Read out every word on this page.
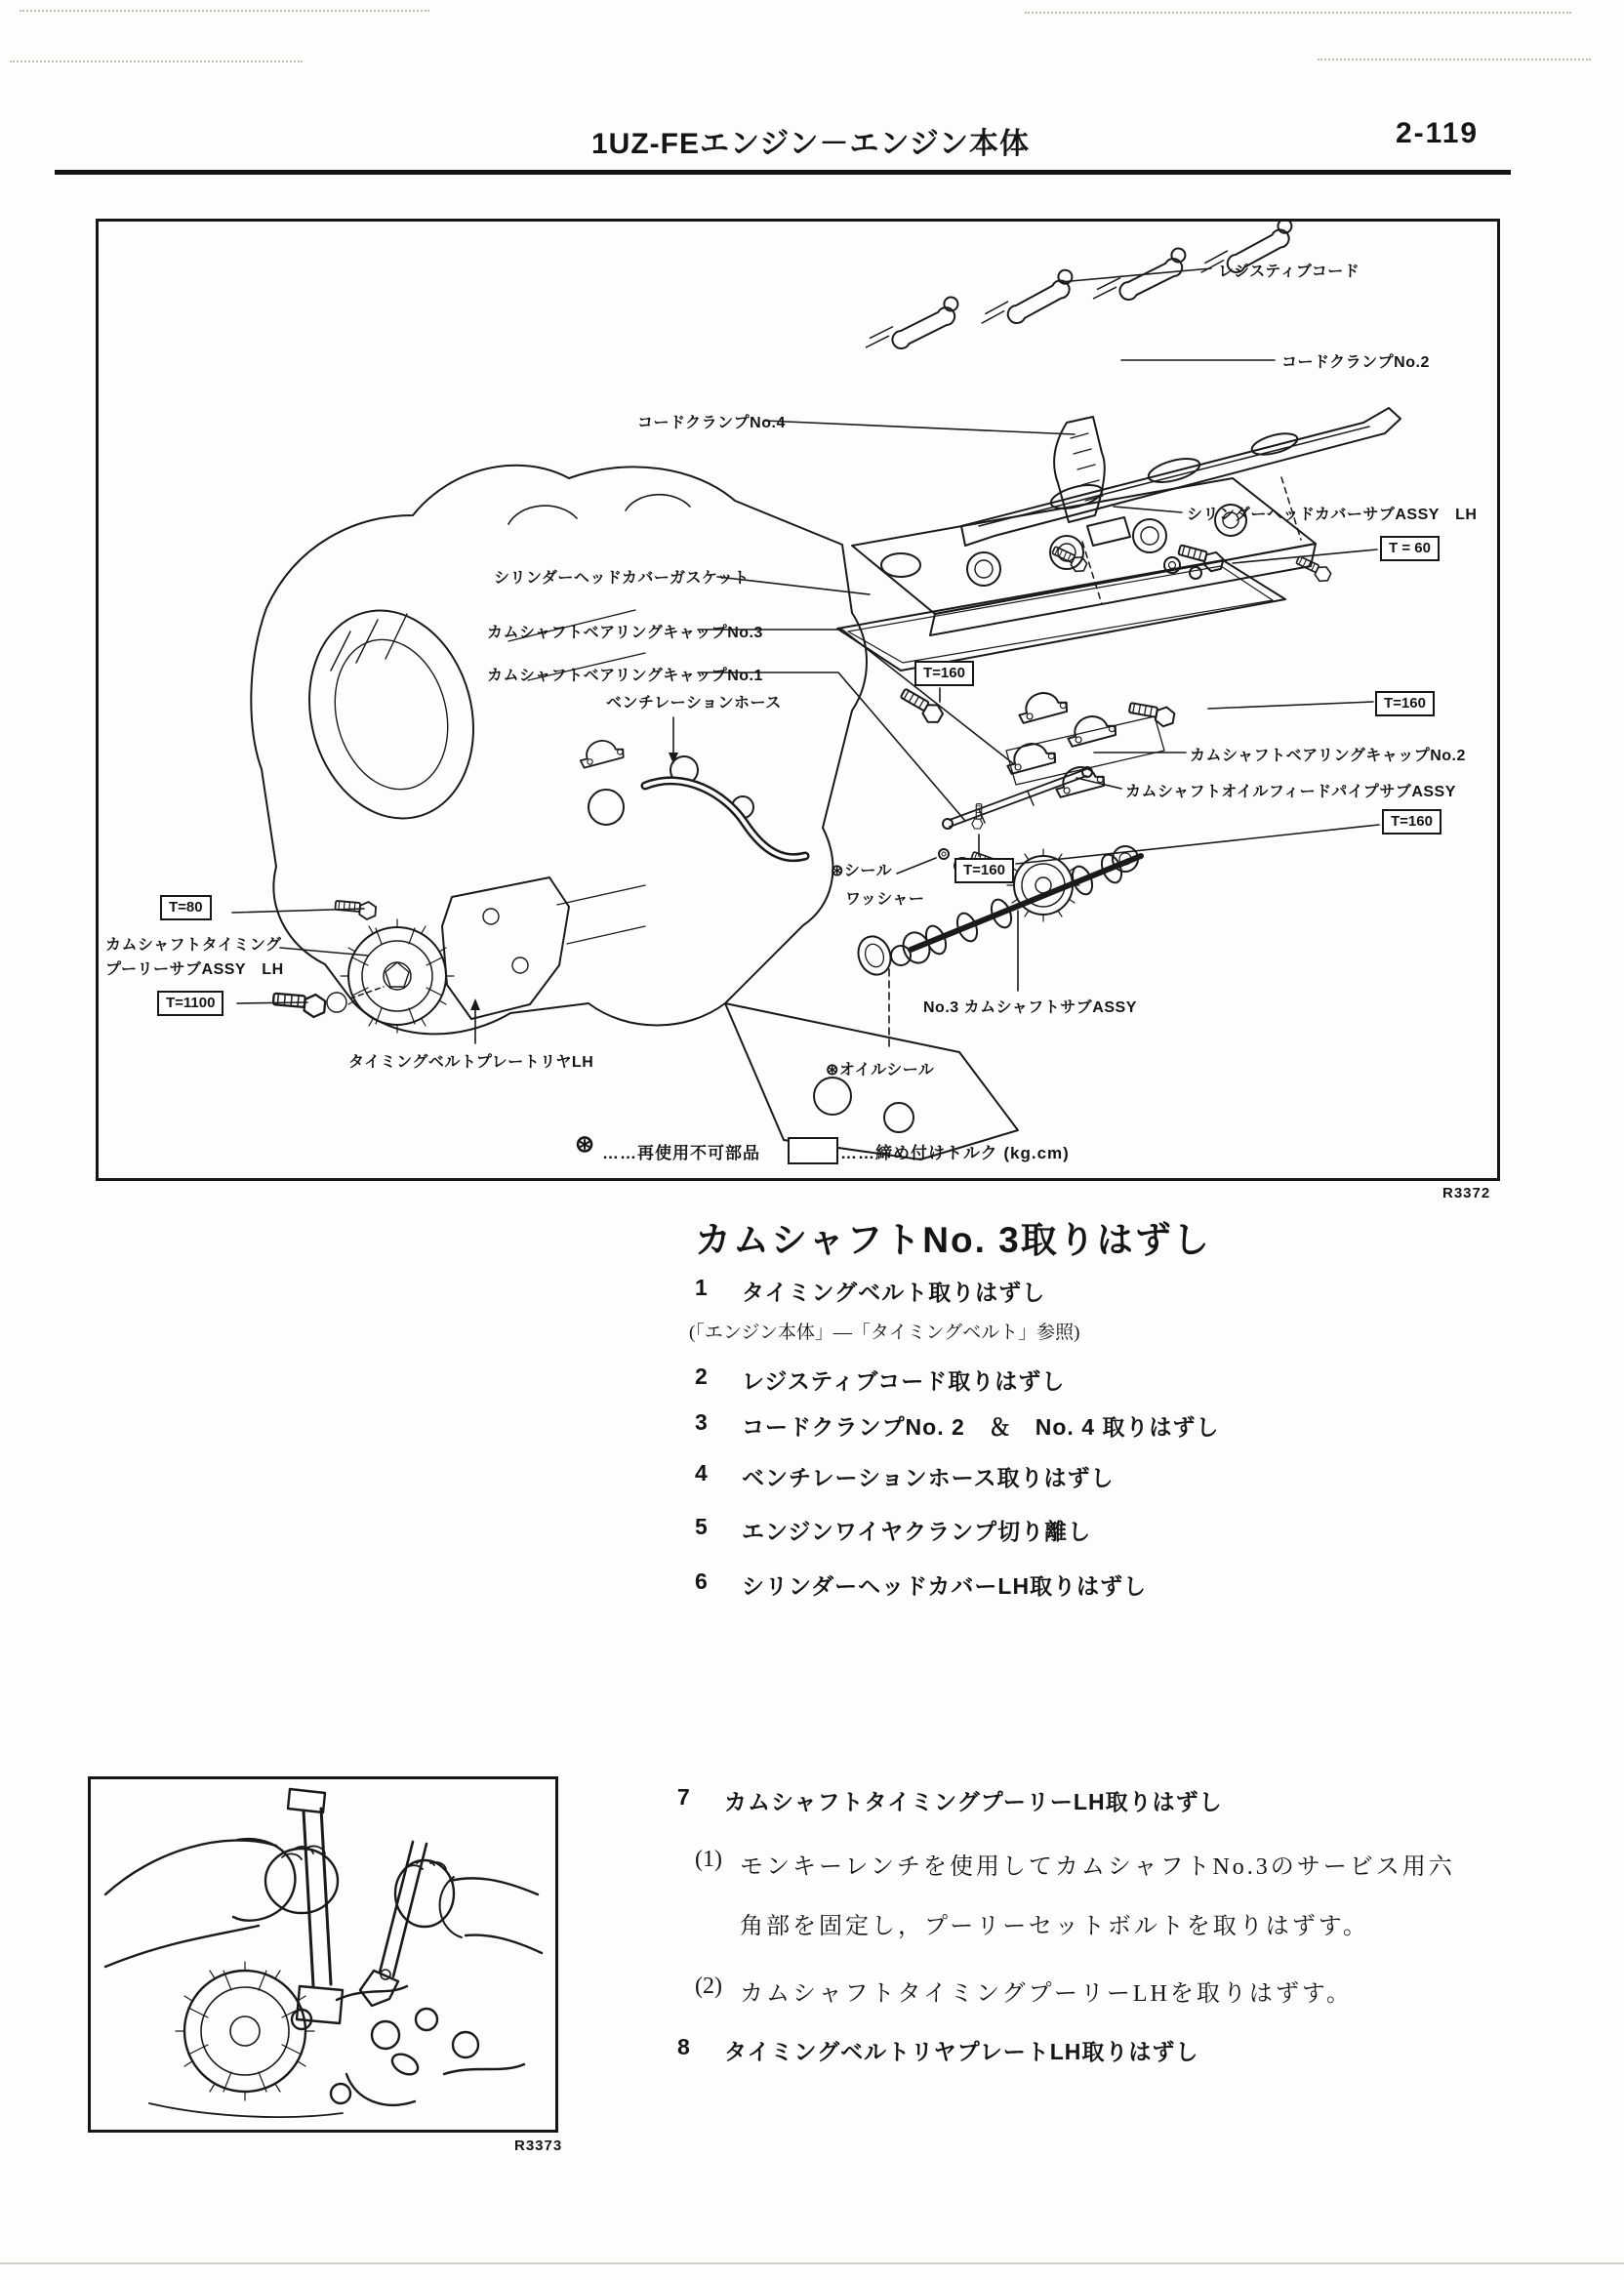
1UZ-FEエンジン－エンジン本体	2-119
レジスティブコード
コードクランプNo.2
コードクランプNo.4
シリンダーヘッドカバーサブASSY　LH
T = 60
シリンダーヘッドカバーガスケット
カムシャフトベアリングキャップNo.3
カムシャフトベアリングキャップNo.1
ベンチレーションホース
T=160
T=160
カムシャフトベアリングキャップNo.2
カムシャフトオイルフィードパイプサブASSY
T=160
⊛シール	T=160
ワッシャー
No.3 カムシャフトサブASSY
⊛オイルシール
T=80
カムシャフトタイミング
プーリーサブASSY　LH
T=1100
タイミングベルトプレートリヤLH
⊛ ……再使用不可部品	……締め付けトルク (kg.cm)
R3372
カムシャフトNo. 3取りはずし
1 タイミングベルト取りはずし
(「エンジン本体」—「タイミングベルト」参照)
2 レジスティブコード取りはずし
3 コードクランプNo. 2　＆　No. 4 取りはずし
4 ベンチレーションホース取りはずし
5 エンジンワイヤクランプ切り離し
6 シリンダーヘッドカバーLH取りはずし
R3373
7 カムシャフトタイミングプーリーLH取りはずし
(1) モンキーレンチを使用してカムシャフトNo.3のサービス用六
角部を固定し，プーリーセットボルトを取りはずす。
(2) カムシャフトタイミングプーリーLHを取りはずす。
8 タイミングベルトリヤプレートLH取りはずし
